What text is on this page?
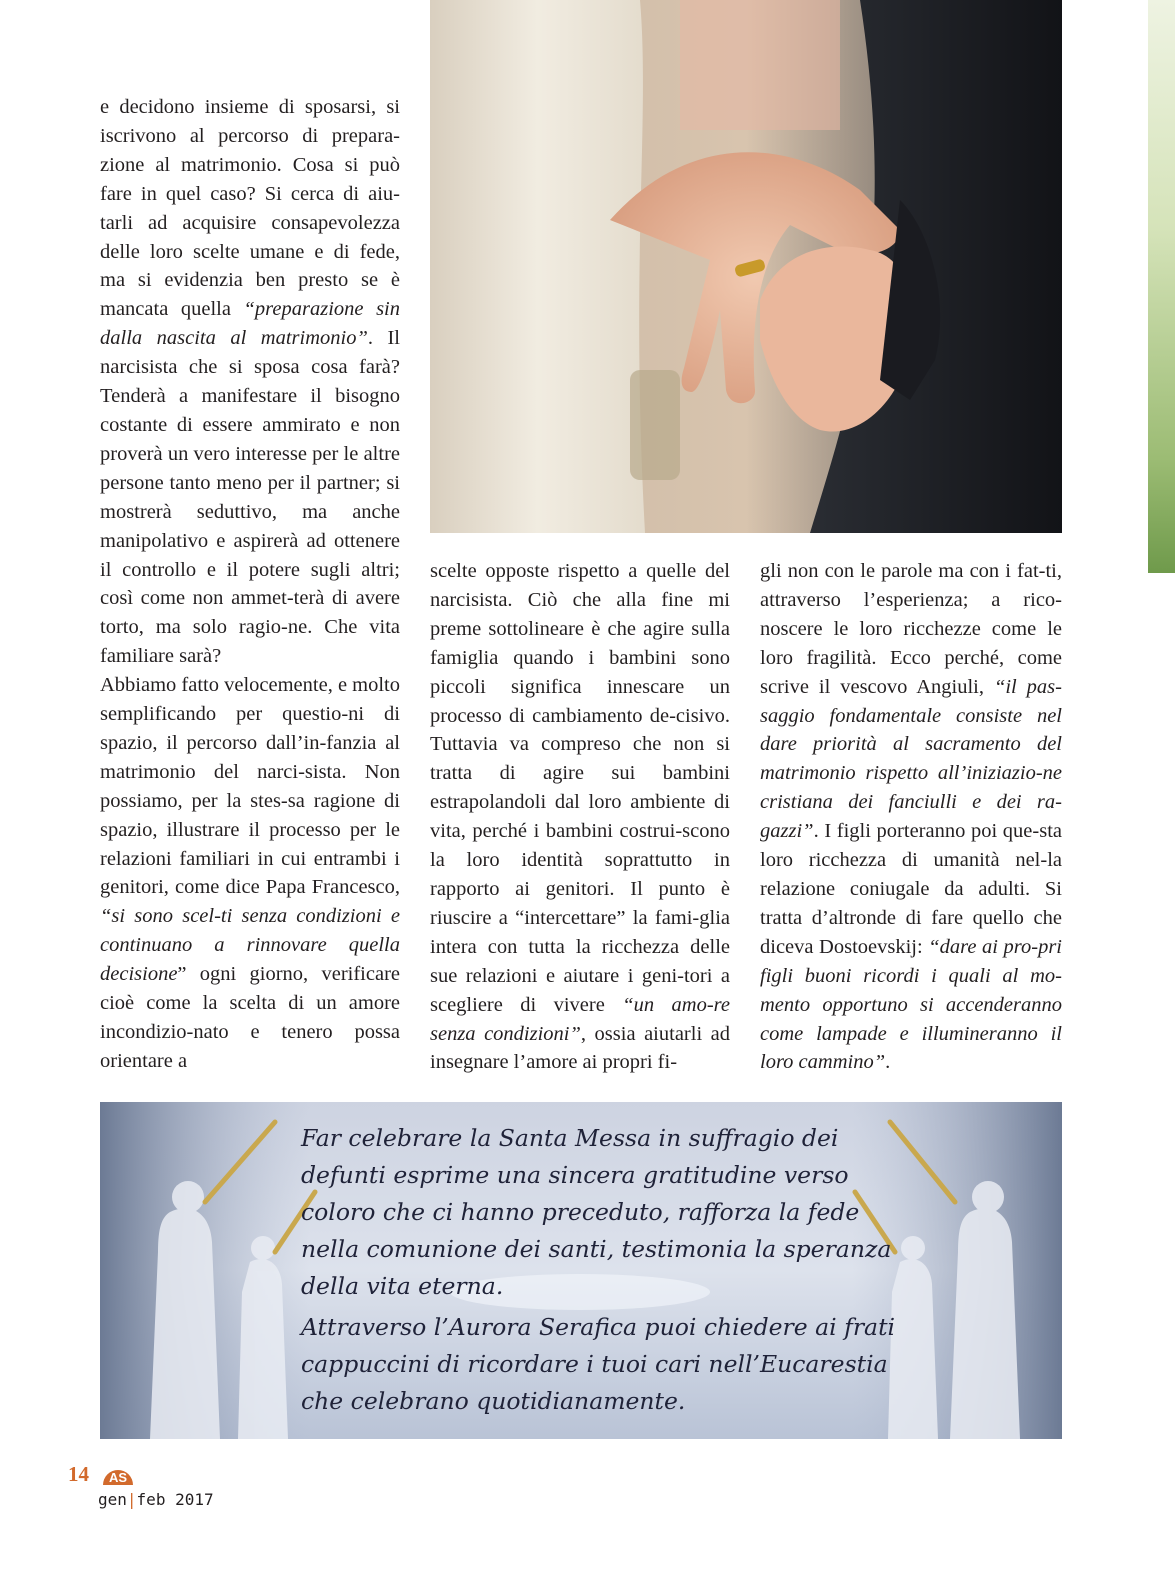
e decidono insieme di sposarsi, si iscrivono al percorso di prepara-zione al matrimonio. Cosa si può fare in quel caso? Si cerca di aiu-tarli ad acquisire consapevolezza delle loro scelte umane e di fede, ma si evidenzia ben presto se è mancata quella “preparazione sin dalla nascita al matrimonio”. Il narcisista che si sposa cosa farà? Tenderà a manifestare il bisogno costante di essere ammirato e non proverà un vero interesse per le altre persone tanto meno per il partner; si mostrerà seduttivo, ma anche manipolativo e aspirerà ad ottenere il controllo e il potere sugli altri; così come non ammet-terà di avere torto, ma solo ragio-ne. Che vita familiare sarà?

Abbiamo fatto velocemente, e molto semplificando per questio-ni di spazio, il percorso dall’in-fanzia al matrimonio del narci-sista. Non possiamo, per la stes-sa ragione di spazio, illustrare il processo per le relazioni familiari in cui entrambi i genitori, come dice Papa Francesco, “si sono scel-ti senza condizioni e continuano a rinnovare quella decisione” ogni giorno, verificare cioè come la scelta di un amore incondizio-nato e tenero possa orientare a

scelte opposte rispetto a quelle del narcisista. Ciò che alla fine mi preme sottolineare è che agire sulla famiglia quando i bambini sono piccoli significa innescare un processo di cambiamento de-cisivo. Tuttavia va compreso che non si tratta di agire sui bambini estrapolandoli dal loro ambiente di vita, perché i bambini costrui-scono la loro identità soprattutto in rapporto ai genitori. Il punto è riuscire a “intercettare” la fami-glia intera con tutta la ricchezza delle sue relazioni e aiutare i geni-tori a scegliere di vivere “un amo-re senza condizioni”, ossia aiutarli ad insegnare l’amore ai propri fi-

gli non con le parole ma con i fat-ti, attraverso l’esperienza; a rico-noscere le loro ricchezze come le loro fragilità. Ecco perché, come scrive il vescovo Angiuli, “il pas-saggio fondamentale consiste nel dare priorità al sacramento del matrimonio rispetto all’iniziazio-ne cristiana dei fanciulli e dei ra-gazzi”. I figli porteranno poi que-sta loro ricchezza di umanità nel-la relazione coniugale da adulti. Si tratta d’altronde di fare quello che diceva Dostoevskij: “dare ai pro-pri figli buoni ricordi i quali al mo-mento opportuno si accenderanno come lampade e illumineranno il loro cammino”.

Far celebrare la Santa Messa in suffragio dei defunti esprime una sincera gratitudine verso coloro che ci hanno preceduto, rafforza la fede nella comunione dei santi, testimonia la speranza della vita eterna.

Attraverso l’Aurora Serafica puoi chiedere ai frati cappuccini di ricordare i tuoi cari nell’Eucarestia che celebrano quotidianamente.

14 AS
gen|feb 2017
